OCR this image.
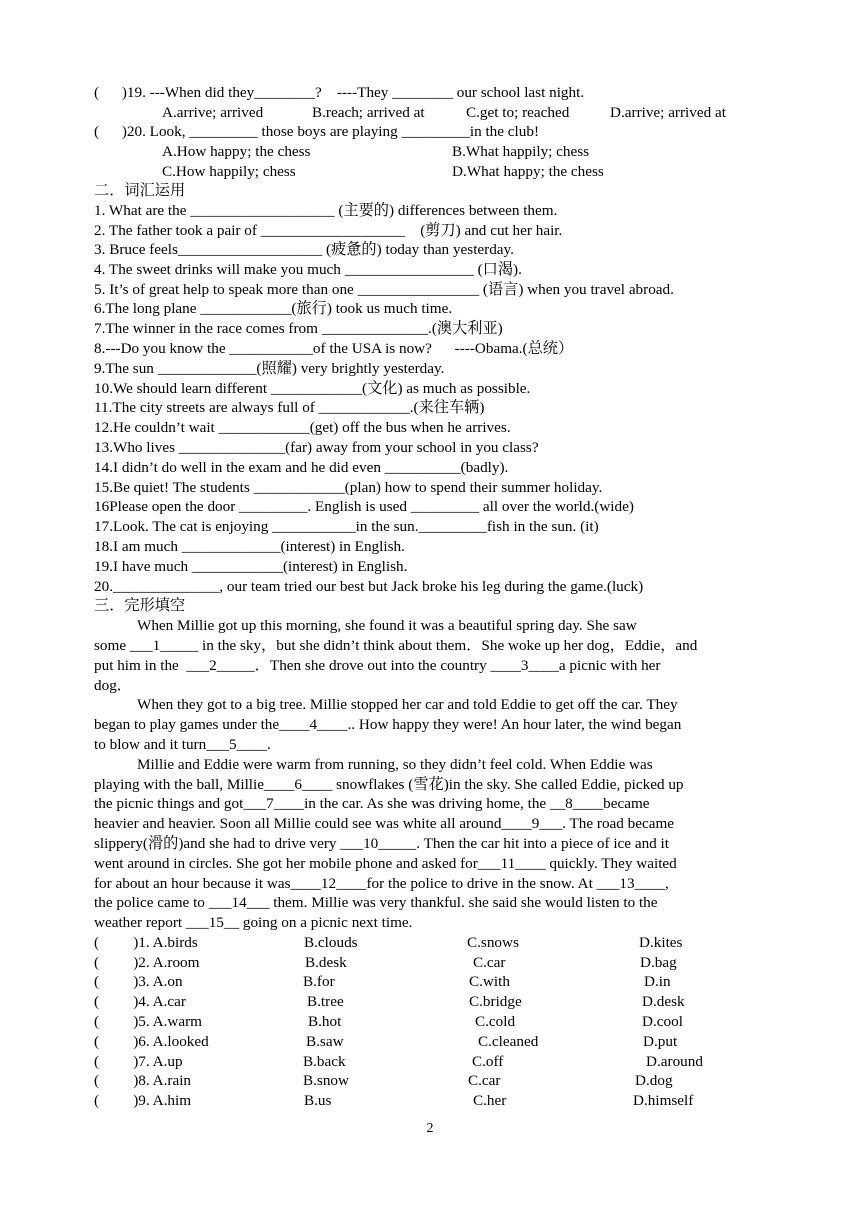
(      )19. ---When did they________?    ----They ________ our school last night.
A.arrive; arrived	B.reach; arrived at	C.get to; reached	D.arrive; arrived at
(      )20. Look, _________ those boys are playing _________in the club!
A.How happy; the chess	B.What happily; chess
C.How happily; chess	D.What happy; the chess
二．词汇运用
1. What are the ___________________ (主要的) differences between them.
2. The father took a pair of ___________________    (剪刀) and cut her hair.
3. Bruce feels___________________ (疲惫的) today than yesterday.
4. The sweet drinks will make you much _________________ (口渴).
5. It’s of great help to speak more than one ________________ (语言) when you travel abroad.
6.The long plane ____________(旅行) took us much time.
7.The winner in the race comes from ______________.(澳大利亚)
8.---Do you know the ___________of the USA is now?      ----Obama.(总统）
9.The sun _____________(照耀) very brightly yesterday.
10.We should learn different ____________(文化) as much as possible.
11.The city streets are always full of ____________.(来往车辆)
12.He couldn’t wait ____________(get) off the bus when he arrives.
13.Who lives ______________(far) away from your school in you class?
14.I didn’t do well in the exam and he did even __________(badly).
15.Be quiet! The students ____________(plan) how to spend their summer holiday.
16Please open the door _________. English is used _________ all over the world.(wide)
17.Look. The cat is enjoying ___________in the sun._________fish in the sun. (it)
18.I am much _____________(interest) in English.
19.I have much ____________(interest) in English.
20.______________, our team tried our best but Jack broke his leg during the game.(luck)
三．完形填空
When Millie got up this morning, she found it was a beautiful spring day. She saw
some ___1_____ in the sky，but she didn’t think about them．She woke up her dog，Eddie，and
put him in the  ___2_____．Then she drove out into the country ____3____a picnic with her
dog．
When they got to a big tree. Millie stopped her car and told Eddie to get off the car. They
began to play games under the____4____.. How happy they were! An hour later, the wind began
to blow and it turn___5____.
Millie and Eddie were warm from running, so they didn’t feel cold. When Eddie was
playing with the ball, Millie____6____ snowflakes (雪花)in the sky. She called Eddie, picked up
the picnic things and got___7____in the car. As she was driving home, the __8____became
heavier and heavier. Soon all Millie could see was white all around____9___. The road became
slippery(滑的)and she had to drive very ___10_____. Then the car hit into a piece of ice and it
went around in circles. She got her mobile phone and asked for___11____ quickly. They waited
for about an hour because it was____12____for the police to drive in the snow. At ___13____,
the police came to ___14___ them. Millie was very thankful. she said she would listen to the
weather report ___15__ going on a picnic next time.
(         )1. A.birds	B.clouds	C.snows	D.kites
(         )2. A.room	B.desk	C.car	D.bag
(         )3. A.on	B.for	C.with	D.in
(         )4. A.car	B.tree	C.bridge	D.desk
(         )5. A.warm	B.hot	C.cold	D.cool
(         )6. A.looked	B.saw	C.cleaned	D.put
(         )7. A.up	B.back	C.off	D.around
(         )8. A.rain	B.snow	C.car	D.dog
(         )9. A.him	B.us	C.her	D.himself
2
